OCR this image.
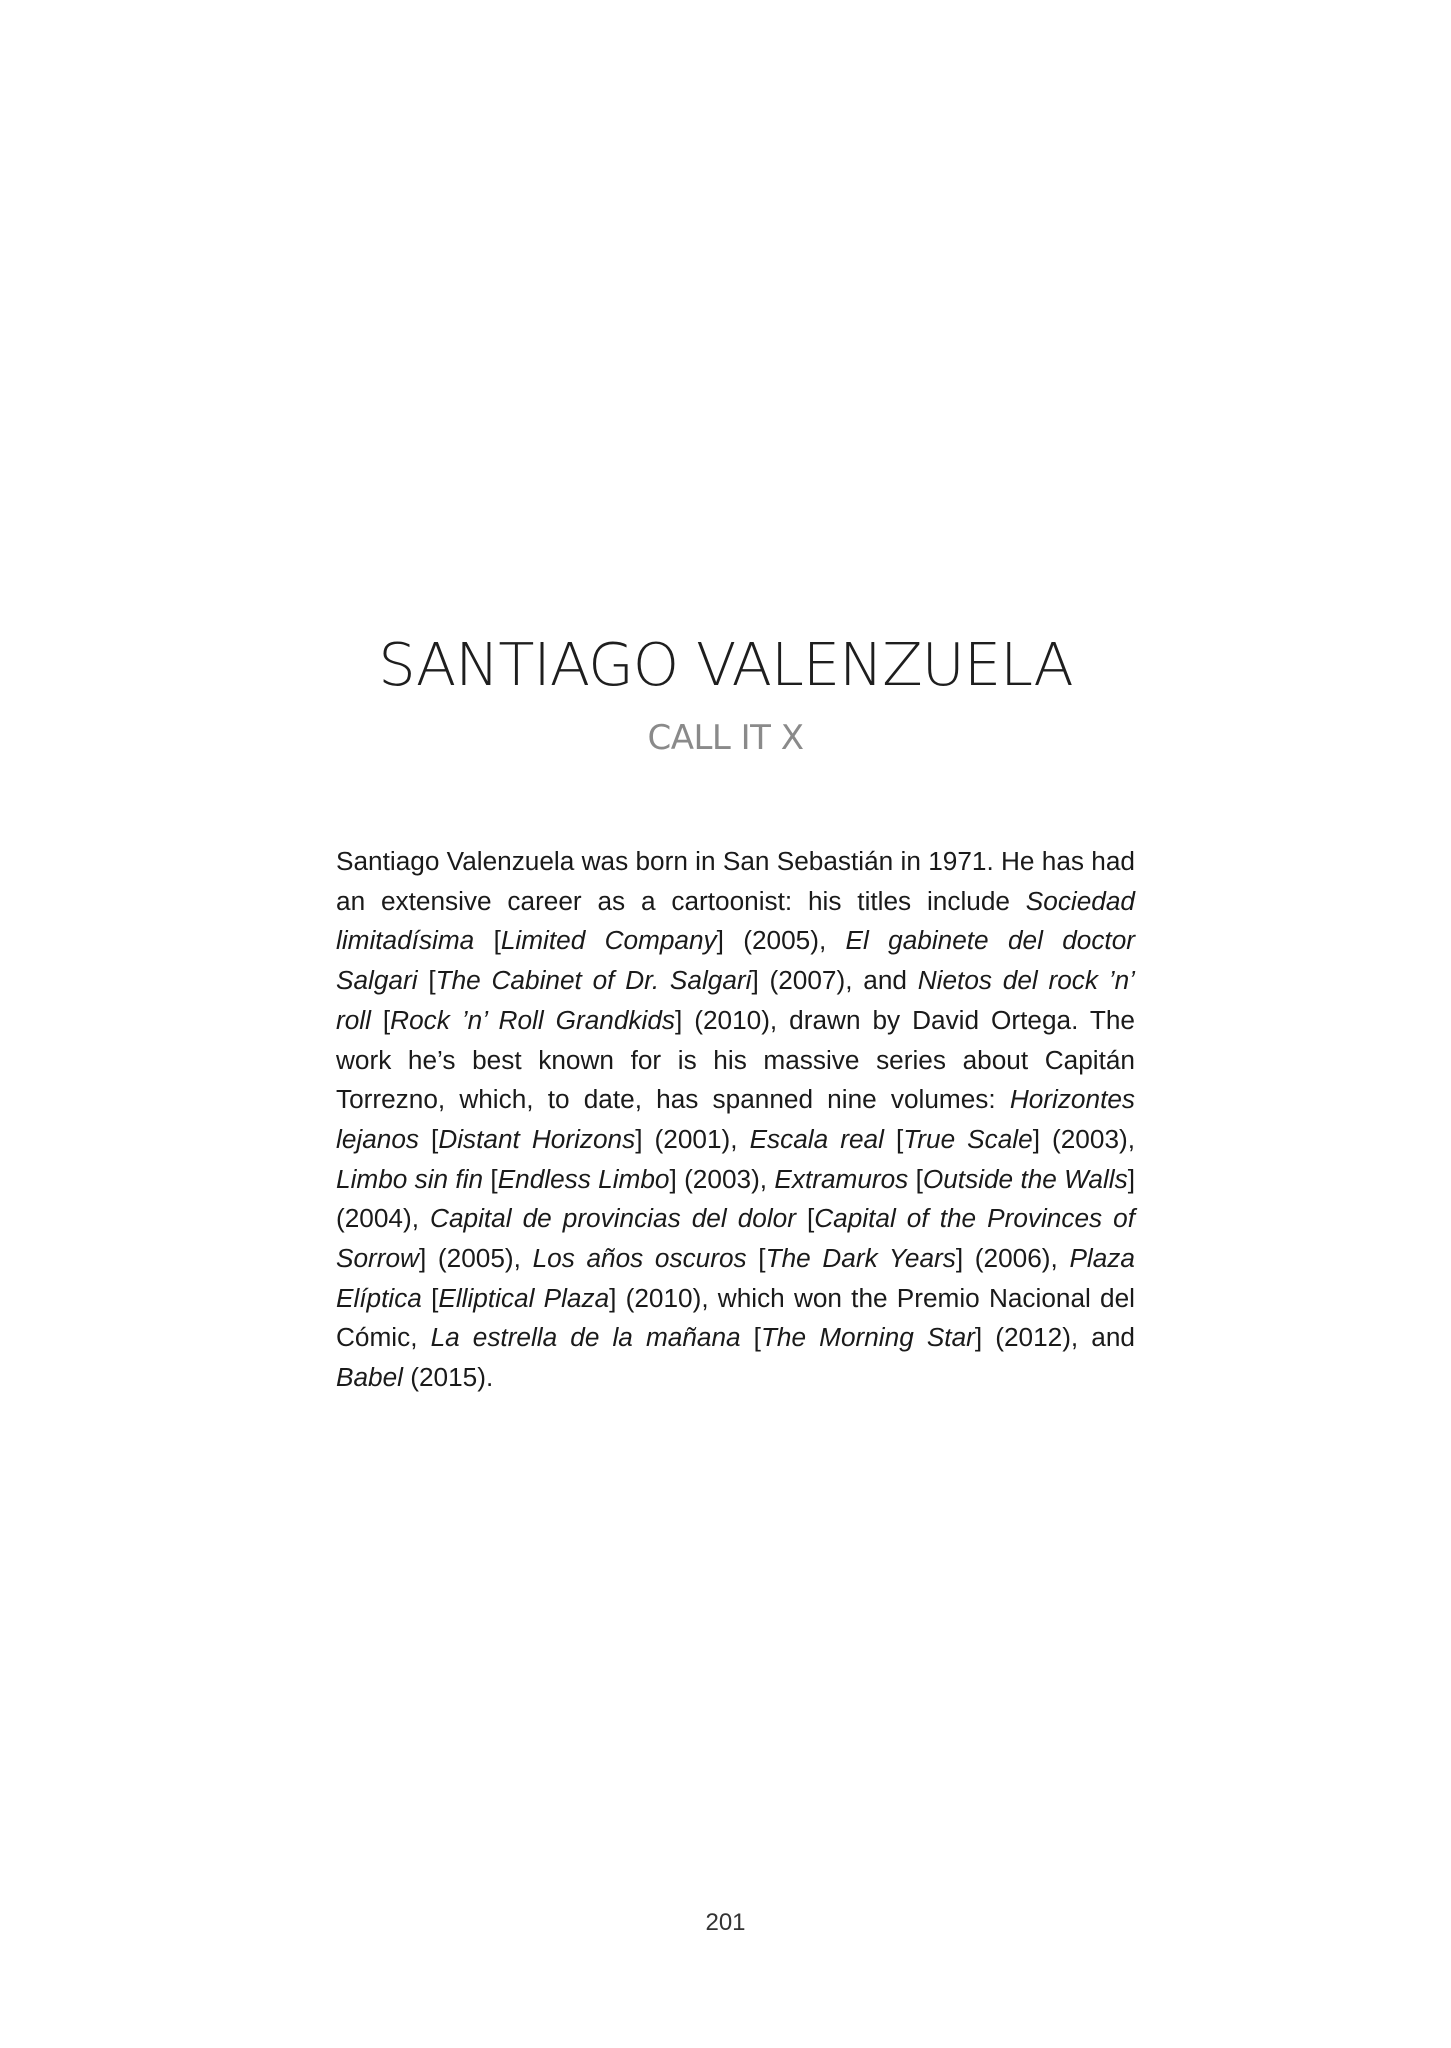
SANTIAGO VALENZUELA
CALL IT X

Santiago Valenzuela was born in San Sebastián in 1971. He has had an extensive career as a cartoonist: his titles include Sociedad limitadísima [Limited Company] (2005), El gabinete del doctor Salgari [The Cabinet of Dr. Salgari] (2007), and Nietos del rock ’n’ roll [Rock ’n’ Roll Grandkids] (2010), drawn by David Ortega. The work he’s best known for is his massive series about Capitán Torrezno, which, to date, has spanned nine volumes: Horizontes lejanos [Distant Horizons] (2001), Escala real [True Scale] (2003), Limbo sin fin [Endless Limbo] (2003), Extramuros [Outside the Walls] (2004), Capital de provincias del dolor [Capital of the Provinces of Sorrow] (2005), Los años oscuros [The Dark Years] (2006), Plaza Elíptica [Elliptical Plaza] (2010), which won the Premio Nacional del Cómic, La estrella de la mañana [The Morning Star] (2012), and Babel (2015).

201
